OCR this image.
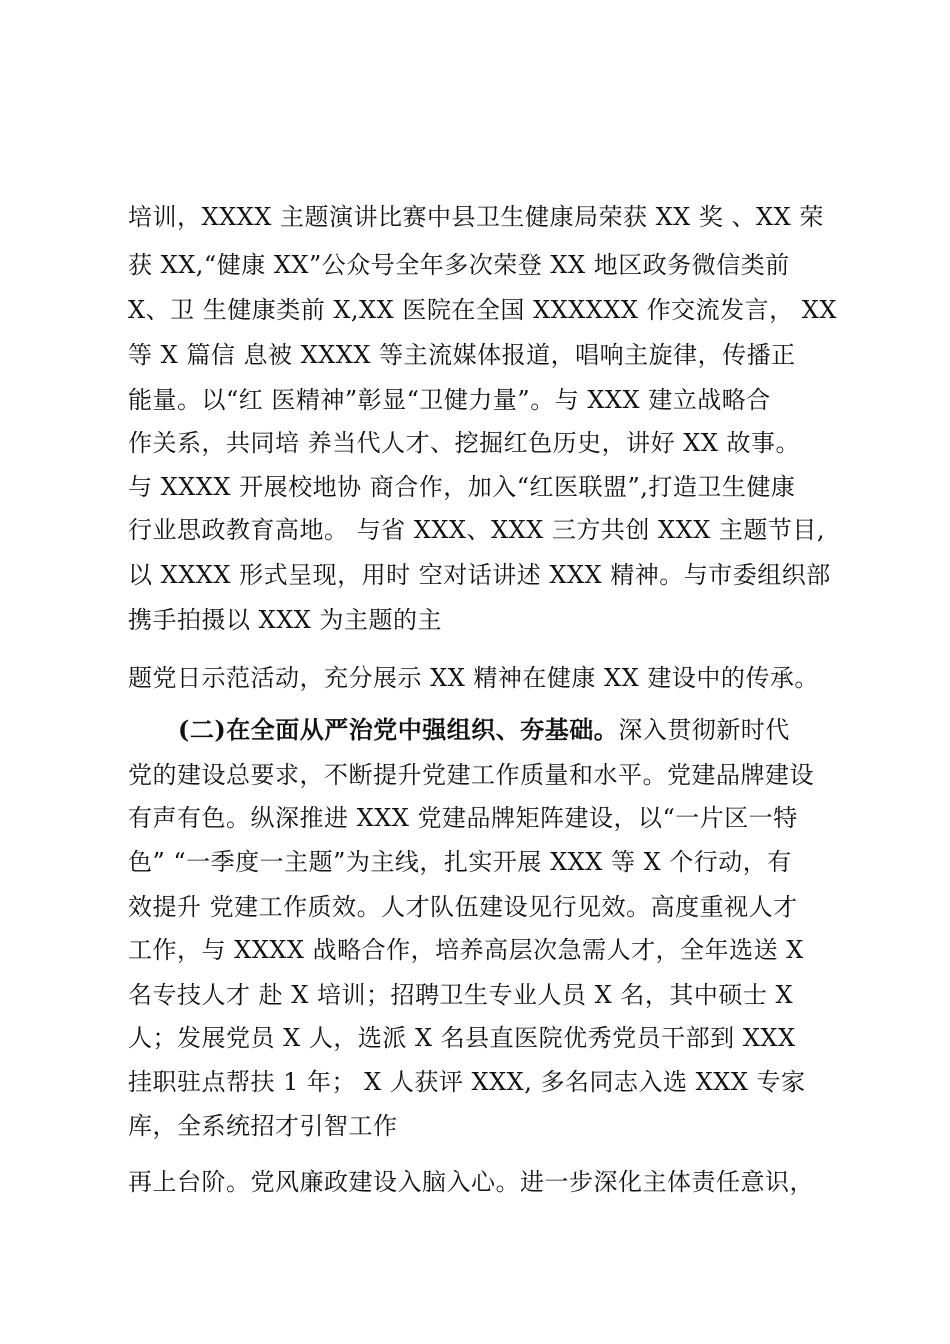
培训，XXXX 主题演讲比赛中县卫生健康局荣获 XX 奖 、XX 荣
获 XX,“健康 XX”公众号全年多次荣登 XX 地区政务微信类前
X、卫 生健康类前 X,XX 医院在全国 XXXXXX 作交流发言， XX
等 X 篇信 息被 XXXX 等主流媒体报道，唱响主旋律，传播正
能量。以“红 医精神”彰显“卫健力量”。与 XXX 建立战略合
作关系，共同培 养当代人才、挖掘红色历史，讲好 XX 故事。
与 XXXX 开展校地协 商合作，加入“红医联盟”,打造卫生健康
行业思政教育高地。 与省 XXX、XXX 三方共创 XXX 主题节目,
以 XXXX 形式呈现，用时 空对话讲述 XXX 精神。与市委组织部
携手拍摄以 XXX 为主题的主
题党日示范活动，充分展示 XX 精神在健康 XX 建设中的传承。
(二)在全面从严治党中强组织、夯基础。深入贯彻新时代
党的建设总要求，不断提升党建工作质量和水平。党建品牌建设
有声有色。纵深推进 XXX 党建品牌矩阵建设，以“一片区一特
色” “一季度一主题”为主线，扎实开展 XXX 等 X 个行动，有
效提升 党建工作质效。人才队伍建设见行见效。高度重视人才
工作，与 XXXX 战略合作，培养高层次急需人才，全年选送 X
名专技人才 赴 X 培训；招聘卫生专业人员 X 名，其中硕士 X
人；发展党员 X 人，选派 X 名县直医院优秀党员干部到 XXX
挂职驻点帮扶 1 年； X 人获评 XXX, 多名同志入选 XXX 专家
库，全系统招才引智工作
再上台阶。党风廉政建设入脑入心。进一步深化主体责任意识，
